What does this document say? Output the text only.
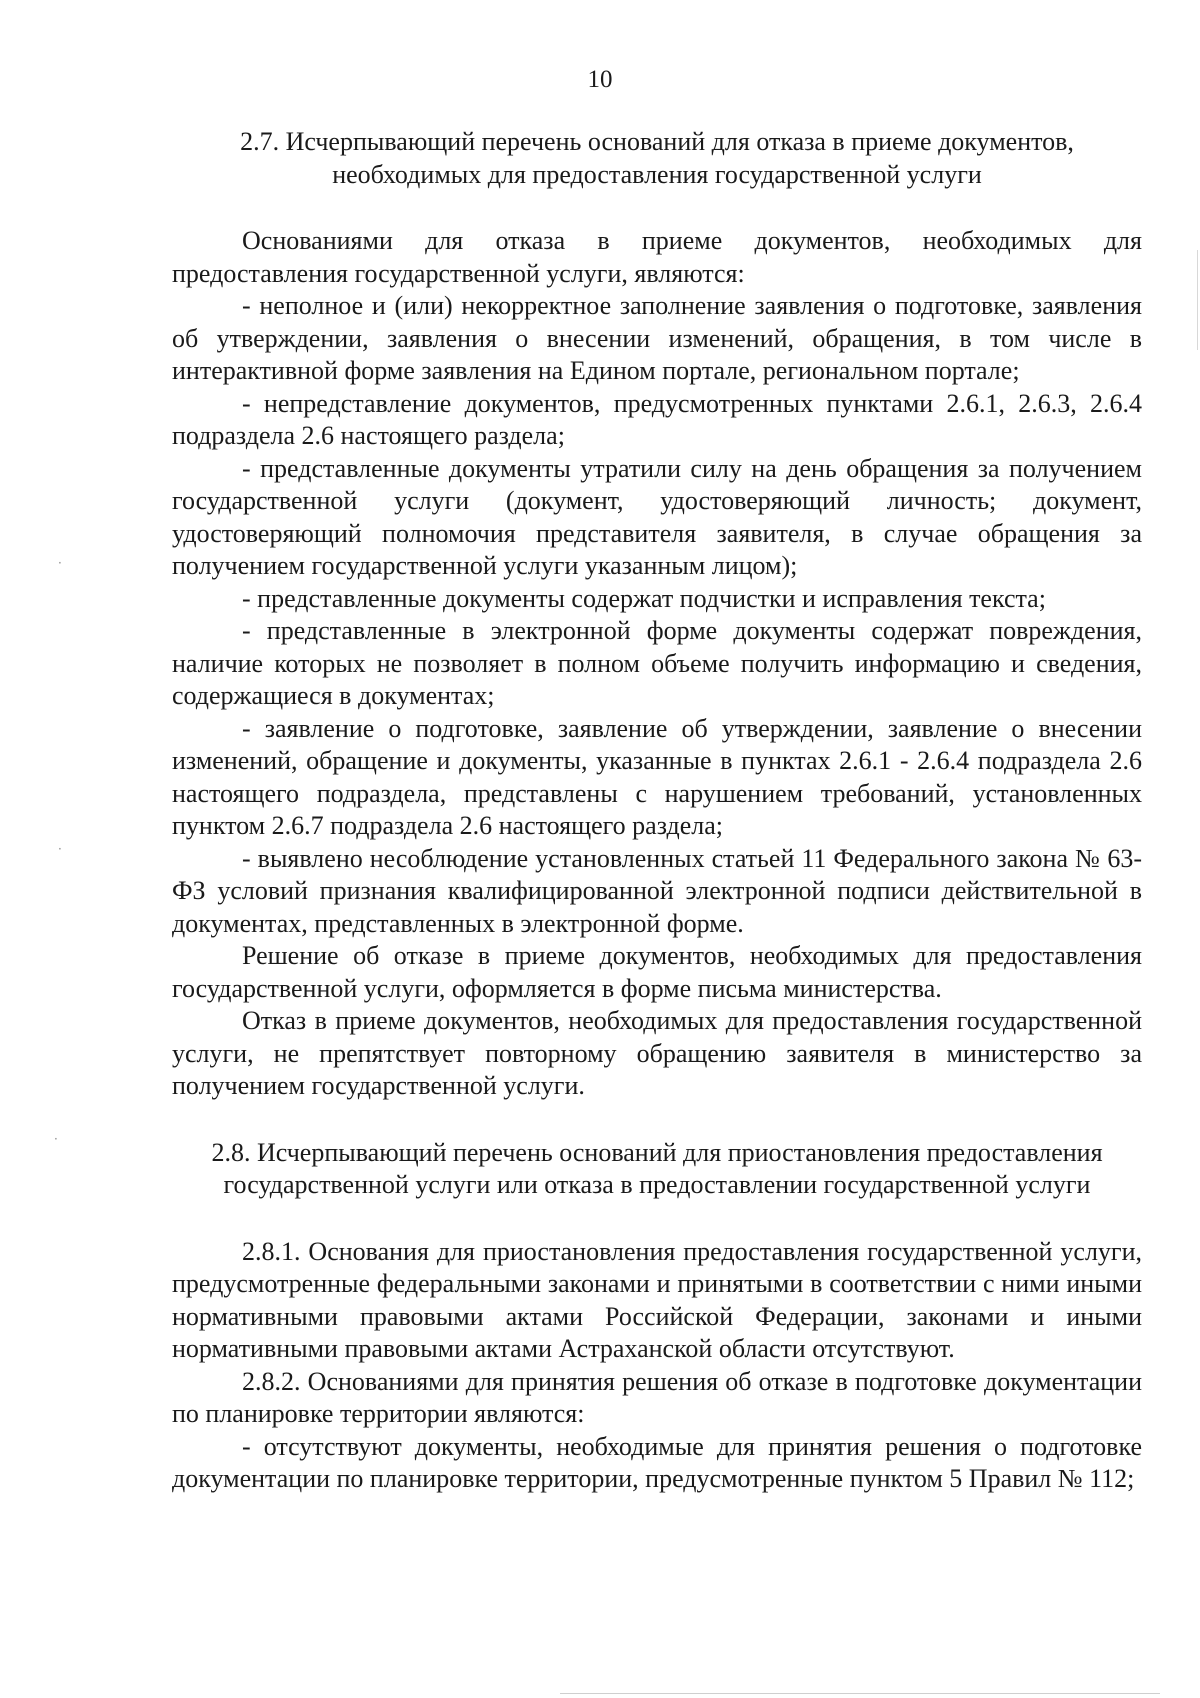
10
2.7. Исчерпывающий перечень оснований для отказа в приеме документов, необходимых для предоставления государственной услуги

Основаниями для отказа в приеме документов, необходимых для предоставления государственной услуги, являются:

- неполное и (или) некорректное заполнение заявления о подготовке, заявления об утверждении, заявления о внесении изменений, обращения, в том числе в интерактивной форме заявления на Едином портале, региональном портале;

- непредставление документов, предусмотренных пунктами 2.6.1, 2.6.3, 2.6.4 подраздела 2.6 настоящего раздела;

- представленные документы утратили силу на день обращения за получением государственной услуги (документ, удостоверяющий личность; документ, удостоверяющий полномочия представителя заявителя, в случае обращения за получением государственной услуги указанным лицом);

- представленные документы содержат подчистки и исправления текста;

- представленные в электронной форме документы содержат повреждения, наличие которых не позволяет в полном объеме получить информацию и сведения, содержащиеся в документах;

- заявление о подготовке, заявление об утверждении, заявление о внесении изменений, обращение и документы, указанные в пунктах 2.6.1 - 2.6.4 подраздела 2.6 настоящего подраздела, представлены с нарушением требований, установленных пунктом 2.6.7 подраздела 2.6 настоящего раздела;

- выявлено несоблюдение установленных статьей 11 Федерального закона № 63-ФЗ условий признания квалифицированной электронной подписи действительной в документах, представленных в электронной форме.

Решение об отказе в приеме документов, необходимых для предоставления государственной услуги, оформляется в форме письма министерства.

Отказ в приеме документов, необходимых для предоставления государственной услуги, не препятствует повторному обращению заявителя в министерство за получением государственной услуги.

2.8. Исчерпывающий перечень оснований для приостановления предоставления государственной услуги или отказа в предоставлении государственной услуги

2.8.1. Основания для приостановления предоставления государственной услуги, предусмотренные федеральными законами и принятыми в соответствии с ними иными нормативными правовыми актами Российской Федерации, законами и иными нормативными правовыми актами Астраханской области отсутствуют.

2.8.2. Основаниями для принятия решения об отказе в подготовке документации по планировке территории являются:

- отсутствуют документы, необходимые для принятия решения о подготовке документации по планировке территории, предусмотренные пунктом 5 Правил № 112;

·
·
·
